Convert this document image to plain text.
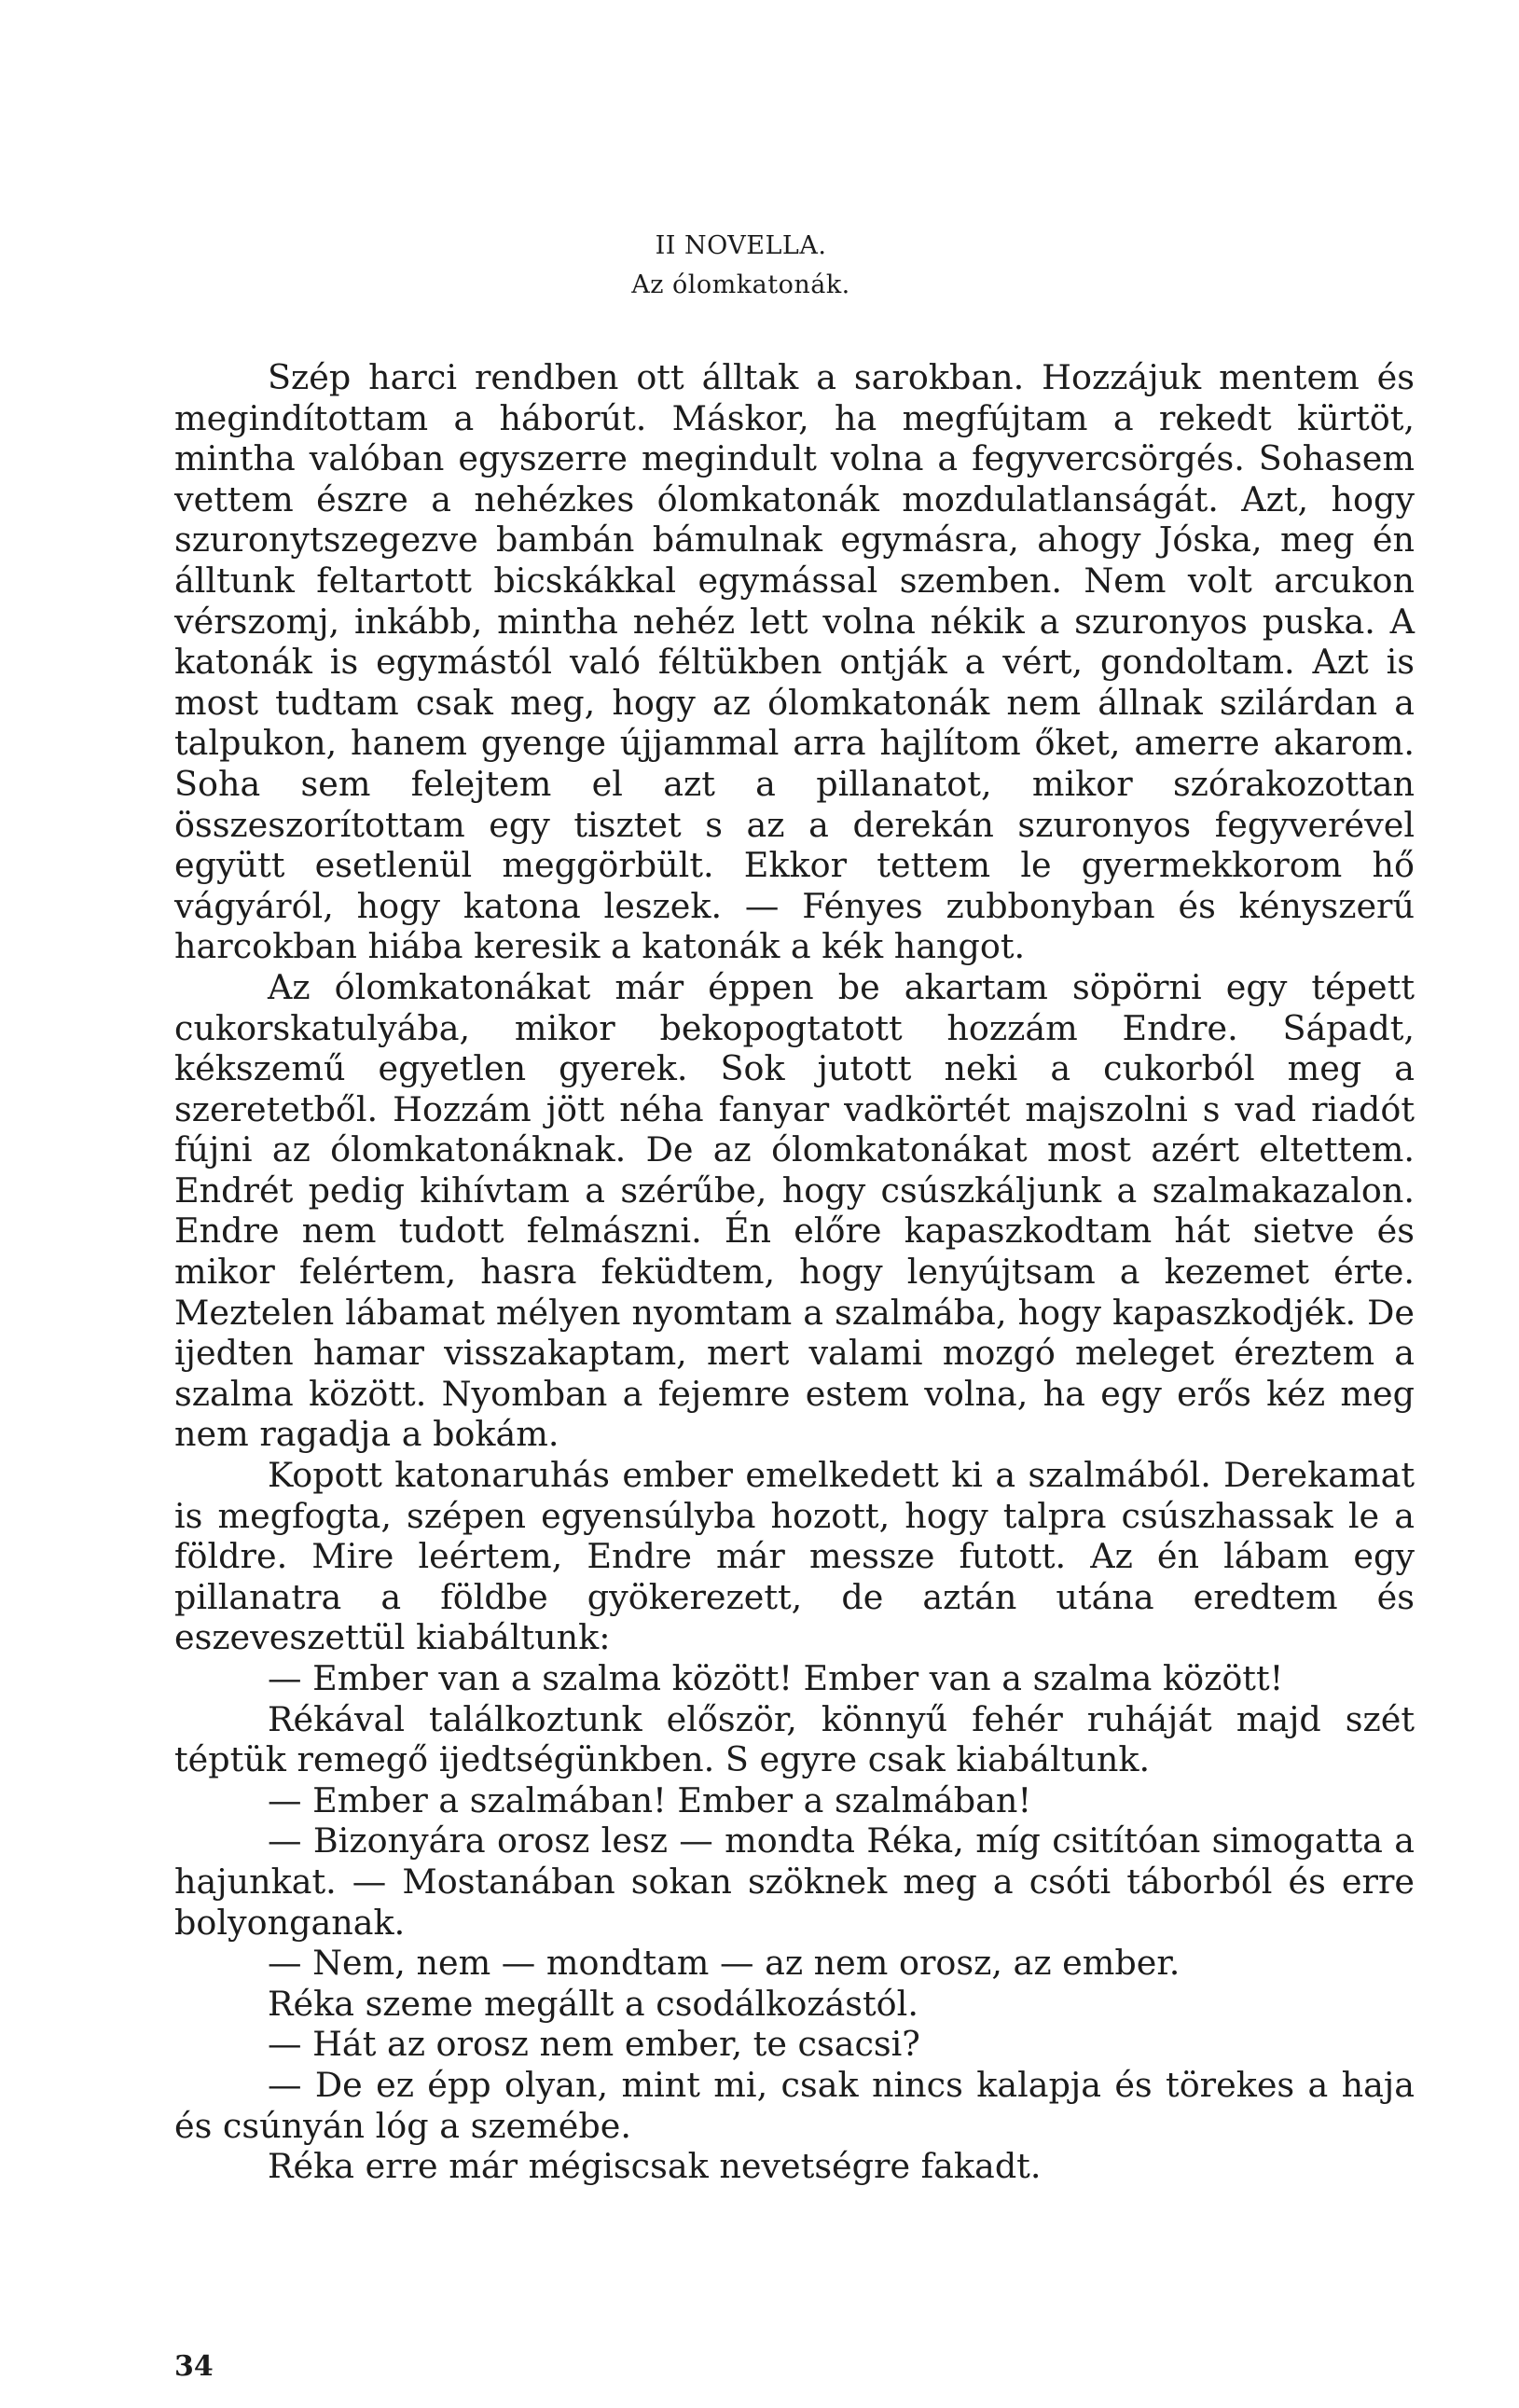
II NOVELLA.
Az ólomkatonák.

Szép harci rendben ott álltak a sarokban. Hozzájuk mentem és megindítottam a háborút. Máskor, ha megfújtam a rekedt kürtöt, mintha valóban egyszerre megindult volna a fegyvercsörgés. Sohasem vettem észre a nehézkes ólomkatonák mozdulatlanságát. Azt, hogy szuronytszegezve bambán bámulnak egymásra, ahogy Jóska, meg én álltunk feltartott bicskákkal egymással szemben. Nem volt arcukon vérszomj, inkább, mintha nehéz lett volna nékik a szuronyos puska. A katonák is egymástól való féltükben ontják a vért, gondoltam. Azt is most tudtam csak meg, hogy az ólomkatonák nem állnak szilárdan a talpukon, hanem gyenge újjammal arra hajlítom őket, amerre akarom. Soha sem felejtem el azt a pillanatot, mikor szórakozottan összeszorítottam egy tisztet s az a derekán szuronyos fegyverével együtt esetlenül meggörbült. Ekkor tettem le gyermekkorom hő vágyáról, hogy katona leszek. — Fényes zubbonyban és kényszerű harcokban hiába keresik a katonák a kék hangot.

Az ólomkatonákat már éppen be akartam söpörni egy tépett cukorskatulyába, mikor bekopogtatott hozzám Endre. Sápadt, kékszemű egyetlen gyerek. Sok jutott neki a cukorból meg a szeretetből. Hozzám jött néha fanyar vadkörtét majszolni s vad riadót fújni az ólomkatonáknak. De az ólomkatonákat most azért eltettem. Endrét pedig kihívtam a szérűbe, hogy csúszkáljunk a szalmakazalon. Endre nem tudott felmászni. Én előre kapaszkodtam hát sietve és mikor felértem, hasra feküdtem, hogy lenyújtsam a kezemet érte. Meztelen lábamat mélyen nyomtam a szalmába, hogy kapaszkodjék. De ijedten hamar visszakaptam, mert valami mozgó meleget éreztem a szalma között. Nyomban a fejemre estem volna, ha egy erős kéz meg nem ragadja a bokám.

Kopott katonaruhás ember emelkedett ki a szalmából. Derekamat is megfogta, szépen egyensúlyba hozott, hogy talpra csúszhassak le a földre. Mire leértem, Endre már messze futott. Az én lábam egy pillanatra a földbe gyökerezett, de aztán utána eredtem és eszeveszettül kiabáltunk:

— Ember van a szalma között! Ember van a szalma között!

Rékával találkoztunk először, könnyű fehér ruháját majd szét téptük remegő ijedtségünkben. S egyre csak kiabáltunk.

— Ember a szalmában! Ember a szalmában!

— Bizonyára orosz lesz — mondta Réka, míg csitítóan simogatta a hajunkat. — Mostanában sokan szöknek meg a csóti táborból és erre bolyonganak.

— Nem, nem — mondtam — az nem orosz, az ember.

Réka szeme megállt a csodálkozástól.

— Hát az orosz nem ember, te csacsi?

— De ez épp olyan, mint mi, csak nincs kalapja és törekes a haja és csúnyán lóg a szemébe.

Réka erre már mégiscsak nevetségre fakadt.

34
